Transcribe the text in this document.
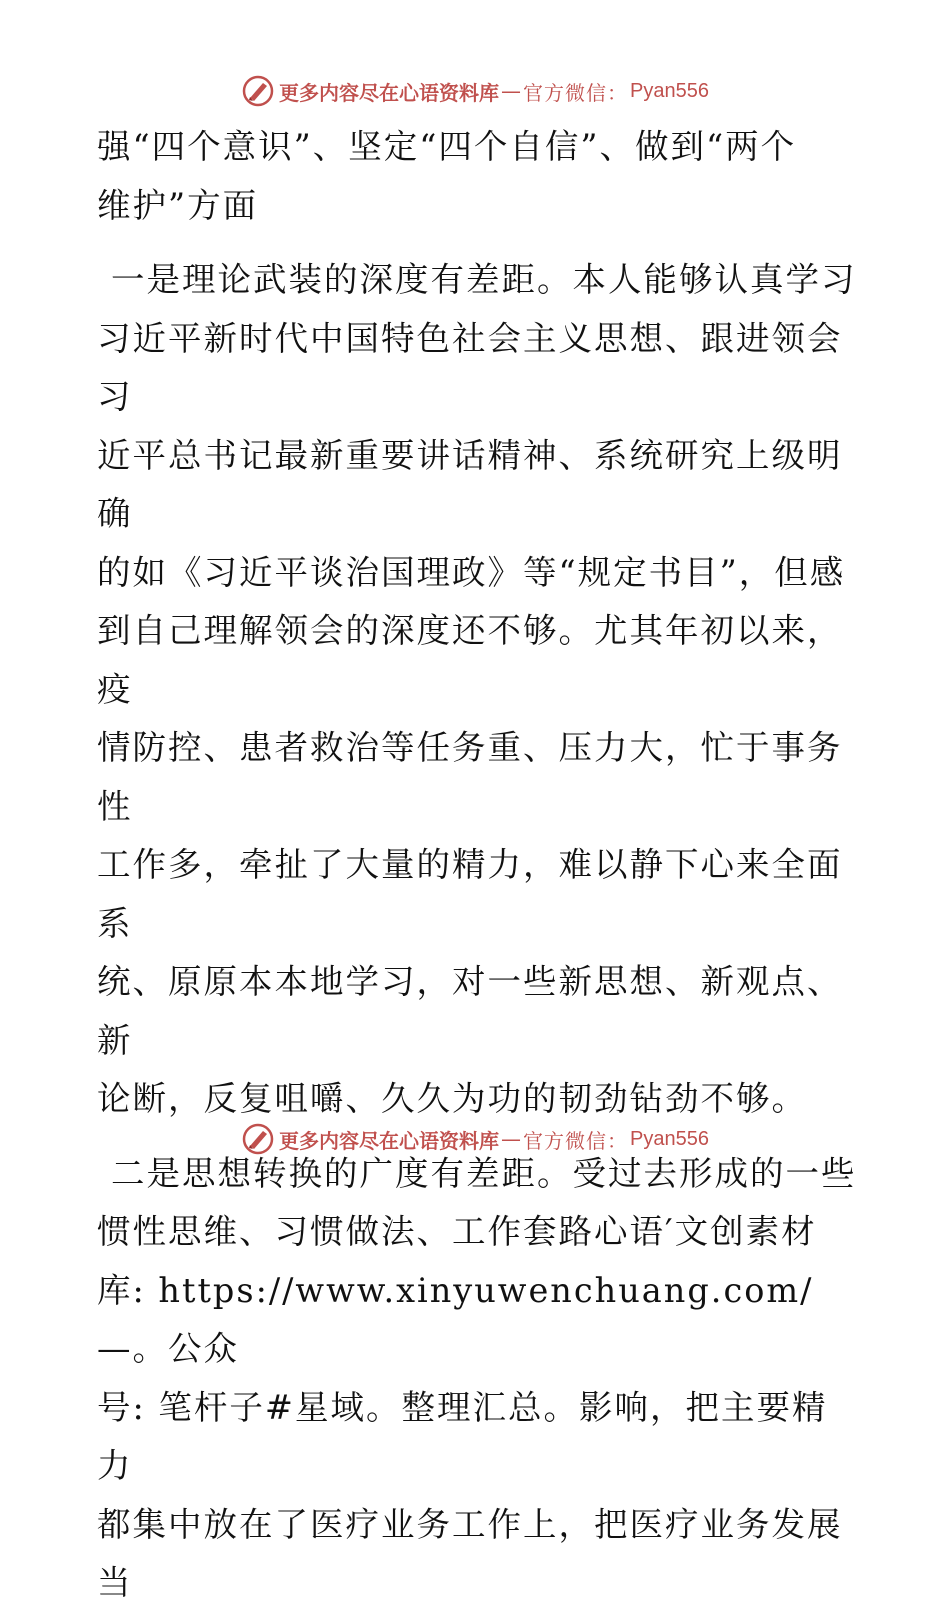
更多内容尽在心语资料库 — 官方微信： Pyan556

强“四个意识”、坚定“四个自信”、做到“两个
维护”方面

一是理论武装的深度有差距。本人能够认真学习
习近平新时代中国特色社会主义思想、跟进领会习
近平总书记最新重要讲话精神、系统研究上级明确
的如《习近平谈治国理政》等“规定书目”，但感
到自己理解领会的深度还不够。尤其年初以来，疫
情防控、患者救治等任务重、压力大，忙于事务性
工作多，牵扯了大量的精力，难以静下心来全面系
统、原原本本地学习，对一些新思想、新观点、新
论断，反复咀嚼、久久为功的韧劲钻劲不够。

二是思想转换的广度有差距。受过去形成的一些
惯性思维、习惯做法、工作套路心语′文创素材
库: https://www.xinyuwenchuang.com/—。公众
号: 笔杆子#星域。整理汇总。影响，把主要精力
都集中放在了医疗业务工作上，把医疗业务发展当

更多内容尽在心语资料库 — 官方微信： Pyan556
